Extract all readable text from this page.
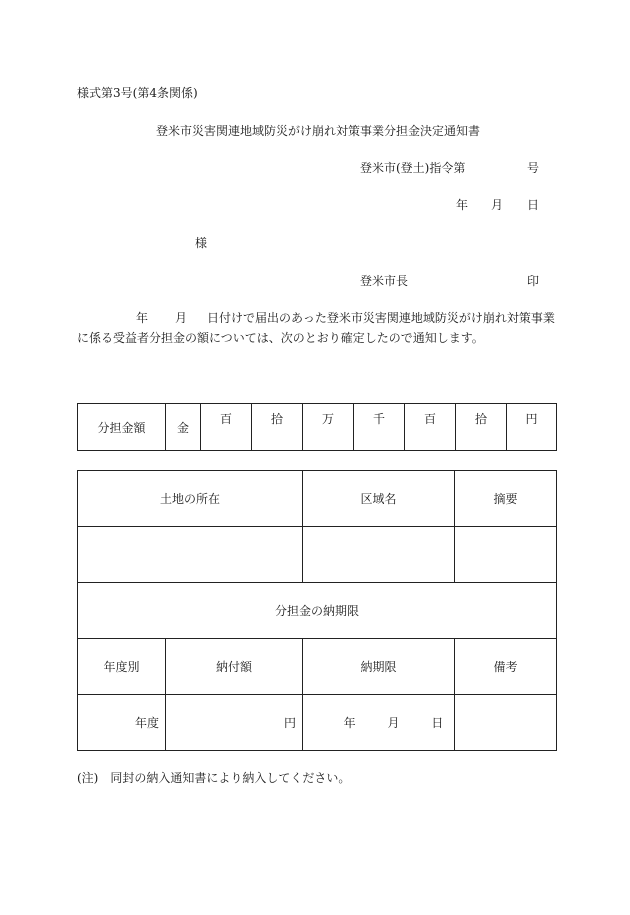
様式第3号(第4条関係)
登米市災害関連地域防災がけ崩れ対策事業分担金決定通知書
登米市(登土)指令第	号
年 月 日
様
登米市長	印
年 月 日付けで届出のあった登米市災害関連地域防災がけ崩れ対策事業
に係る受益者分担金の額については、次のとおり確定したので通知します。
分担金額	金	百	拾	万	千	百	拾	円
土地の所在		区域名	摘要

分担金の納期限			
年度別	納付額	納期限	備考
年度	円	年 月 日	
(注)　同封の納入通知書により納入してください。
